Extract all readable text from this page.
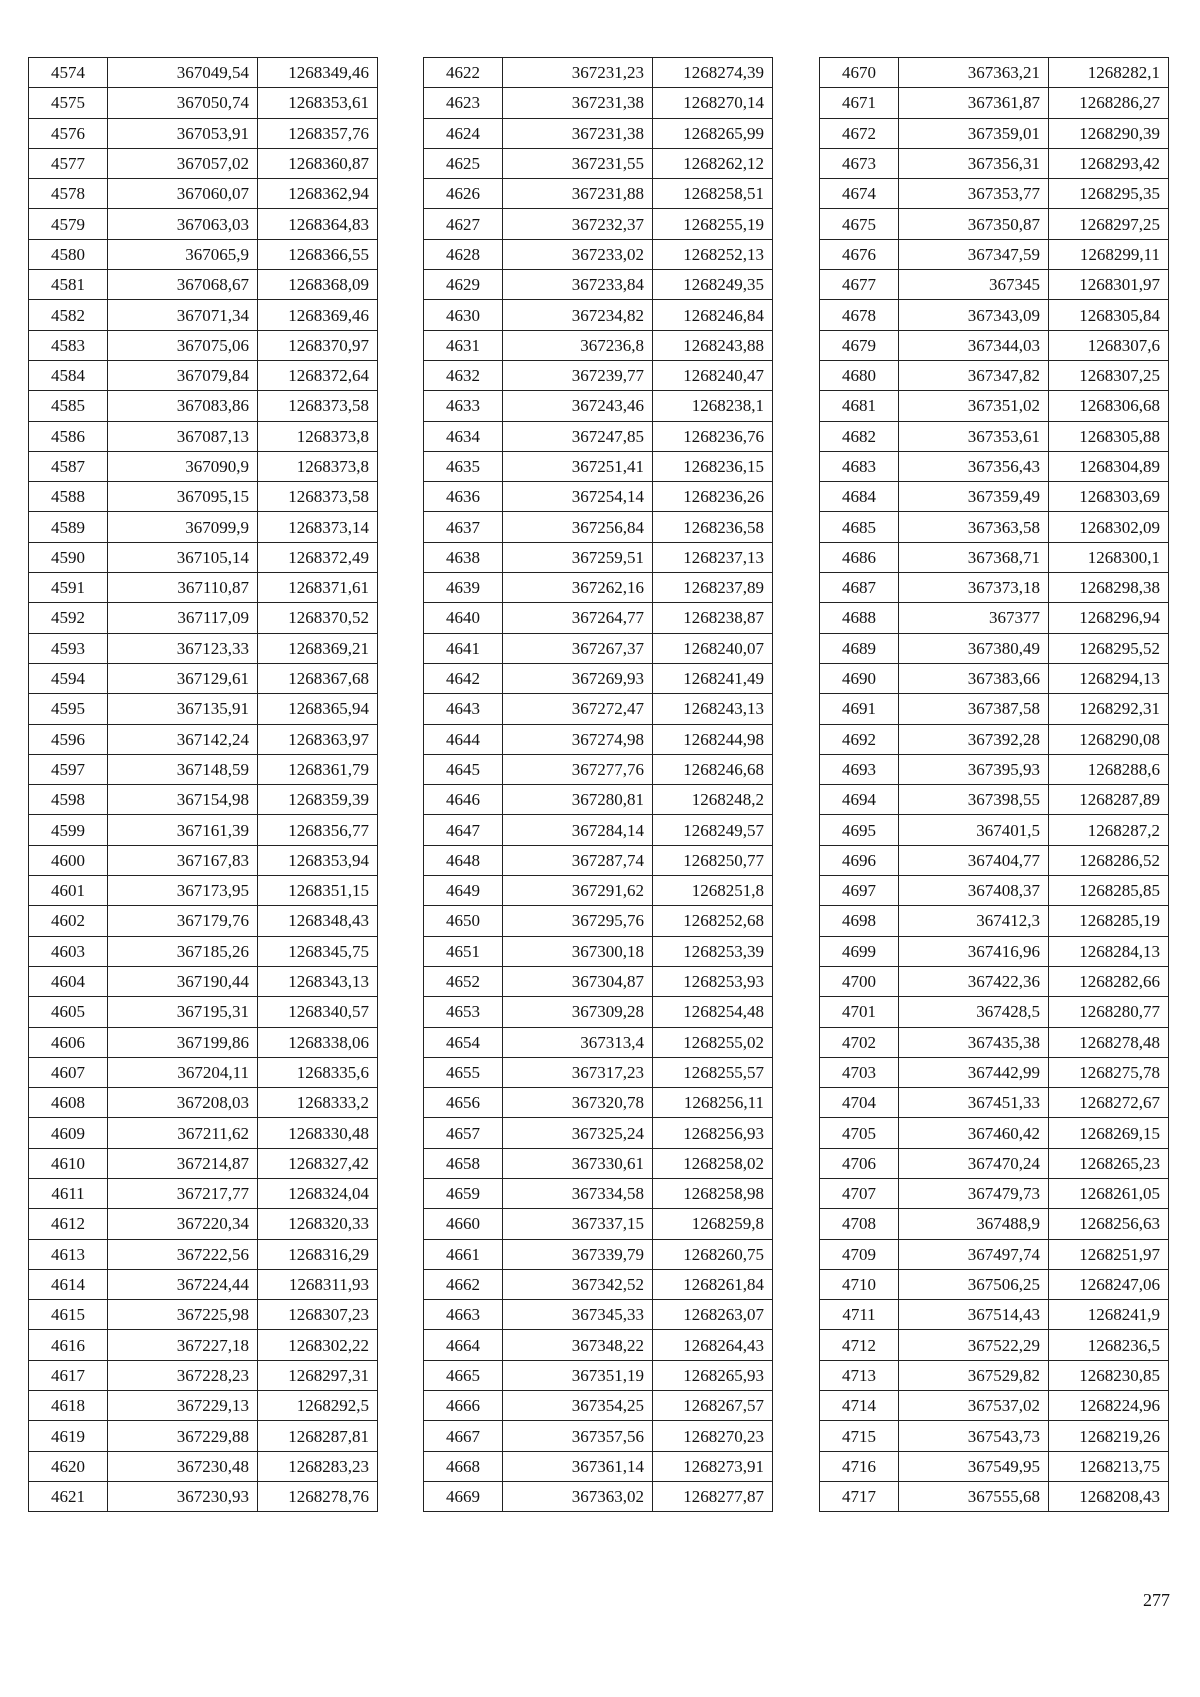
4574	367049,54	1268349,46
4575	367050,74	1268353,61
4576	367053,91	1268357,76
4577	367057,02	1268360,87
4578	367060,07	1268362,94
4579	367063,03	1268364,83
4580	367065,9	1268366,55
4581	367068,67	1268368,09
4582	367071,34	1268369,46
4583	367075,06	1268370,97
4584	367079,84	1268372,64
4585	367083,86	1268373,58
4586	367087,13	1268373,8
4587	367090,9	1268373,8
4588	367095,15	1268373,58
4589	367099,9	1268373,14
4590	367105,14	1268372,49
4591	367110,87	1268371,61
4592	367117,09	1268370,52
4593	367123,33	1268369,21
4594	367129,61	1268367,68
4595	367135,91	1268365,94
4596	367142,24	1268363,97
4597	367148,59	1268361,79
4598	367154,98	1268359,39
4599	367161,39	1268356,77
4600	367167,83	1268353,94
4601	367173,95	1268351,15
4602	367179,76	1268348,43
4603	367185,26	1268345,75
4604	367190,44	1268343,13
4605	367195,31	1268340,57
4606	367199,86	1268338,06
4607	367204,11	1268335,6
4608	367208,03	1268333,2
4609	367211,62	1268330,48
4610	367214,87	1268327,42
4611	367217,77	1268324,04
4612	367220,34	1268320,33
4613	367222,56	1268316,29
4614	367224,44	1268311,93
4615	367225,98	1268307,23
4616	367227,18	1268302,22
4617	367228,23	1268297,31
4618	367229,13	1268292,5
4619	367229,88	1268287,81
4620	367230,48	1268283,23
4621	367230,93	1268278,76
4622	367231,23	1268274,39
4623	367231,38	1268270,14
4624	367231,38	1268265,99
4625	367231,55	1268262,12
4626	367231,88	1268258,51
4627	367232,37	1268255,19
4628	367233,02	1268252,13
4629	367233,84	1268249,35
4630	367234,82	1268246,84
4631	367236,8	1268243,88
4632	367239,77	1268240,47
4633	367243,46	1268238,1
4634	367247,85	1268236,76
4635	367251,41	1268236,15
4636	367254,14	1268236,26
4637	367256,84	1268236,58
4638	367259,51	1268237,13
4639	367262,16	1268237,89
4640	367264,77	1268238,87
4641	367267,37	1268240,07
4642	367269,93	1268241,49
4643	367272,47	1268243,13
4644	367274,98	1268244,98
4645	367277,76	1268246,68
4646	367280,81	1268248,2
4647	367284,14	1268249,57
4648	367287,74	1268250,77
4649	367291,62	1268251,8
4650	367295,76	1268252,68
4651	367300,18	1268253,39
4652	367304,87	1268253,93
4653	367309,28	1268254,48
4654	367313,4	1268255,02
4655	367317,23	1268255,57
4656	367320,78	1268256,11
4657	367325,24	1268256,93
4658	367330,61	1268258,02
4659	367334,58	1268258,98
4660	367337,15	1268259,8
4661	367339,79	1268260,75
4662	367342,52	1268261,84
4663	367345,33	1268263,07
4664	367348,22	1268264,43
4665	367351,19	1268265,93
4666	367354,25	1268267,57
4667	367357,56	1268270,23
4668	367361,14	1268273,91
4669	367363,02	1268277,87
4670	367363,21	1268282,1
4671	367361,87	1268286,27
4672	367359,01	1268290,39
4673	367356,31	1268293,42
4674	367353,77	1268295,35
4675	367350,87	1268297,25
4676	367347,59	1268299,11
4677	367345	1268301,97
4678	367343,09	1268305,84
4679	367344,03	1268307,6
4680	367347,82	1268307,25
4681	367351,02	1268306,68
4682	367353,61	1268305,88
4683	367356,43	1268304,89
4684	367359,49	1268303,69
4685	367363,58	1268302,09
4686	367368,71	1268300,1
4687	367373,18	1268298,38
4688	367377	1268296,94
4689	367380,49	1268295,52
4690	367383,66	1268294,13
4691	367387,58	1268292,31
4692	367392,28	1268290,08
4693	367395,93	1268288,6
4694	367398,55	1268287,89
4695	367401,5	1268287,2
4696	367404,77	1268286,52
4697	367408,37	1268285,85
4698	367412,3	1268285,19
4699	367416,96	1268284,13
4700	367422,36	1268282,66
4701	367428,5	1268280,77
4702	367435,38	1268278,48
4703	367442,99	1268275,78
4704	367451,33	1268272,67
4705	367460,42	1268269,15
4706	367470,24	1268265,23
4707	367479,73	1268261,05
4708	367488,9	1268256,63
4709	367497,74	1268251,97
4710	367506,25	1268247,06
4711	367514,43	1268241,9
4712	367522,29	1268236,5
4713	367529,82	1268230,85
4714	367537,02	1268224,96
4715	367543,73	1268219,26
4716	367549,95	1268213,75
4717	367555,68	1268208,43
277
